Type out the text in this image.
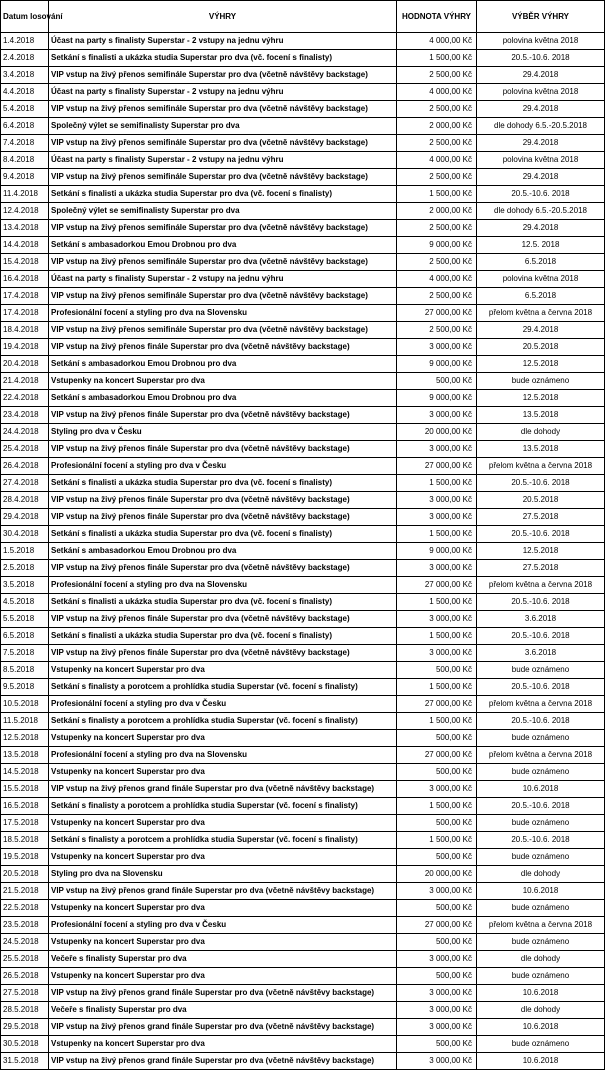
Datum losování	VÝHRY	HODNOTA VÝHRY	VÝBĚR VÝHRY
1.4.2018	Účast na party s finalisty Superstar - 2 vstupy na jednu výhru	4 000,00 Kč	polovina května 2018
2.4.2018	Setkání s finalisti a ukázka studia Superstar pro dva (vč. focení s finalisty)	1 500,00 Kč	20.5.-10.6. 2018
3.4.2018	VIP vstup na živý přenos semifinále Superstar pro dva (včetně návštěvy backstage)	2 500,00 Kč	29.4.2018
4.4.2018	Účast na party s finalisty Superstar - 2 vstupy na jednu výhru	4 000,00 Kč	polovina května 2018
5.4.2018	VIP vstup na živý přenos semifinále Superstar pro dva (včetně návštěvy backstage)	2 500,00 Kč	29.4.2018
6.4.2018	Společný výlet se semifinalisty Superstar pro dva	2 000,00 Kč	dle dohody 6.5.-20.5.2018
7.4.2018	VIP vstup na živý přenos semifinále Superstar pro dva (včetně návštěvy backstage)	2 500,00 Kč	29.4.2018
8.4.2018	Účast na party s finalisty Superstar - 2 vstupy na jednu výhru	4 000,00 Kč	polovina května 2018
9.4.2018	VIP vstup na živý přenos semifinále Superstar pro dva (včetně návštěvy backstage)	2 500,00 Kč	29.4.2018
11.4.2018	Setkání s finalisti a ukázka studia Superstar pro dva (vč. focení s finalisty)	1 500,00 Kč	20.5.-10.6. 2018
12.4.2018	Společný výlet se semifinalisty Superstar pro dva	2 000,00 Kč	dle dohody 6.5.-20.5.2018
13.4.2018	VIP vstup na živý přenos semifinále Superstar pro dva (včetně návštěvy backstage)	2 500,00 Kč	29.4.2018
14.4.2018	Setkání s ambasadorkou Emou Drobnou pro dva	9 000,00 Kč	12.5. 2018
15.4.2018	VIP vstup na živý přenos semifinále Superstar pro dva (včetně návštěvy backstage)	2 500,00 Kč	6.5.2018
16.4.2018	Účast na party s finalisty Superstar - 2 vstupy na jednu výhru	4 000,00 Kč	polovina května 2018
17.4.2018	VIP vstup na živý přenos semifinále Superstar pro dva (včetně návštěvy backstage)	2 500,00 Kč	6.5.2018
17.4.2018	Profesionální focení a styling pro dva na Slovensku	27 000,00 Kč	přelom května a června 2018
18.4.2018	VIP vstup na živý přenos semifinále Superstar pro dva (včetně návštěvy backstage)	2 500,00 Kč	29.4.2018
19.4.2018	VIP vstup na živý přenos finále Superstar pro dva (včetně návštěvy backstage)	3 000,00 Kč	20.5.2018
20.4.2018	Setkání s ambasadorkou Emou Drobnou pro dva	9 000,00 Kč	12.5.2018
21.4.2018	Vstupenky na koncert Superstar pro dva	500,00 Kč	bude oznámeno
22.4.2018	Setkání s ambasadorkou Emou Drobnou pro dva	9 000,00 Kč	12.5.2018
23.4.2018	VIP vstup na živý přenos finále Superstar pro dva (včetně návštěvy backstage)	3 000,00 Kč	13.5.2018
24.4.2018	Styling pro dva v Česku	20 000,00 Kč	dle dohody
25.4.2018	VIP vstup na živý přenos finále Superstar pro dva (včetně návštěvy backstage)	3 000,00 Kč	13.5.2018
26.4.2018	Profesionální focení a styling pro dva v Česku	27 000,00 Kč	přelom května a června 2018
27.4.2018	Setkání s finalisti a ukázka studia Superstar pro dva (vč. focení s finalisty)	1 500,00 Kč	20.5.-10.6. 2018
28.4.2018	VIP vstup na živý přenos finále Superstar pro dva (včetně návštěvy backstage)	3 000,00 Kč	20.5.2018
29.4.2018	VIP vstup na živý přenos finále Superstar pro dva (včetně návštěvy backstage)	3 000,00 Kč	27.5.2018
30.4.2018	Setkání s finalisti a ukázka studia Superstar pro dva (vč. focení s finalisty)	1 500,00 Kč	20.5.-10.6. 2018
1.5.2018	Setkání s ambasadorkou Emou Drobnou pro dva	9 000,00 Kč	12.5.2018
2.5.2018	VIP vstup na živý přenos finále Superstar pro dva (včetně návštěvy backstage)	3 000,00 Kč	27.5.2018
3.5.2018	Profesionální focení a styling pro dva na Slovensku	27 000,00 Kč	přelom května a června 2018
4.5.2018	Setkání s finalisti a ukázka studia Superstar pro dva (vč. focení s finalisty)	1 500,00 Kč	20.5.-10.6. 2018
5.5.2018	VIP vstup na živý přenos finále Superstar pro dva (včetně návštěvy backstage)	3 000,00 Kč	3.6.2018
6.5.2018	Setkání s finalisti a ukázka studia Superstar pro dva (vč. focení s finalisty)	1 500,00 Kč	20.5.-10.6. 2018
7.5.2018	VIP vstup na živý přenos finále Superstar pro dva (včetně návštěvy backstage)	3 000,00 Kč	3.6.2018
8.5.2018	Vstupenky na koncert Superstar pro dva	500,00 Kč	bude oznámeno
9.5.2018	Setkání s finalisty a porotcem a prohlídka studia Superstar (vč. focení s finalisty)	1 500,00 Kč	20.5.-10.6. 2018
10.5.2018	Profesionální focení a styling pro dva v Česku	27 000,00 Kč	přelom května a června 2018
11.5.2018	Setkání s finalisty a porotcem a prohlídka studia Superstar (vč. focení s finalisty)	1 500,00 Kč	20.5.-10.6. 2018
12.5.2018	Vstupenky na koncert Superstar pro dva	500,00 Kč	bude oznámeno
13.5.2018	Profesionální focení a styling pro dva na Slovensku	27 000,00 Kč	přelom května a června 2018
14.5.2018	Vstupenky na koncert Superstar pro dva	500,00 Kč	bude oznámeno
15.5.2018	VIP vstup na živý přenos grand finále Superstar pro dva (včetně návštěvy backstage)	3 000,00 Kč	10.6.2018
16.5.2018	Setkání s finalisty a porotcem a prohlídka studia Superstar (vč. focení s finalisty)	1 500,00 Kč	20.5.-10.6. 2018
17.5.2018	Vstupenky na koncert Superstar pro dva	500,00 Kč	bude oznámeno
18.5.2018	Setkání s finalisty a porotcem a prohlídka studia Superstar (vč. focení s finalisty)	1 500,00 Kč	20.5.-10.6. 2018
19.5.2018	Vstupenky na koncert Superstar pro dva	500,00 Kč	bude oznámeno
20.5.2018	Styling pro dva na Slovensku	20 000,00 Kč	dle dohody
21.5.2018	VIP vstup na živý přenos grand finále Superstar pro dva (včetně návštěvy backstage)	3 000,00 Kč	10.6.2018
22.5.2018	Vstupenky na koncert Superstar pro dva	500,00 Kč	bude oznámeno
23.5.2018	Profesionální focení a styling pro dva v Česku	27 000,00 Kč	přelom května a června 2018
24.5.2018	Vstupenky na koncert Superstar pro dva	500,00 Kč	bude oznámeno
25.5.2018	Večeře s finalisty Superstar pro dva	3 000,00 Kč	dle dohody
26.5.2018	Vstupenky na koncert Superstar pro dva	500,00 Kč	bude oznámeno
27.5.2018	VIP vstup na živý přenos grand finále Superstar pro dva (včetně návštěvy backstage)	3 000,00 Kč	10.6.2018
28.5.2018	Večeře s finalisty Superstar pro dva	3 000,00 Kč	dle dohody
29.5.2018	VIP vstup na živý přenos grand finále Superstar pro dva (včetně návštěvy backstage)	3 000,00 Kč	10.6.2018
30.5.2018	Vstupenky na koncert Superstar pro dva	500,00 Kč	bude oznámeno
31.5.2018	VIP vstup na živý přenos grand finále Superstar pro dva (včetně návštěvy backstage)	3 000,00 Kč	10.6.2018
